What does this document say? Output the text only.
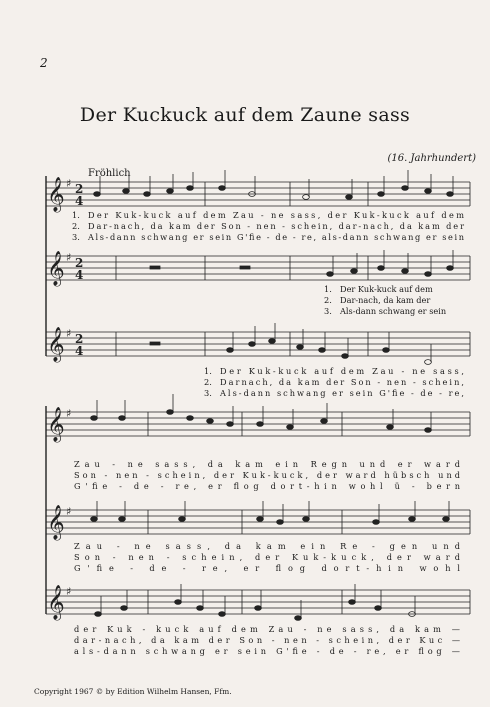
2
Der Kuckuck auf dem Zaune sass
(16. Jahrhundert)
Fröhlich
𝄞
𝄞
𝄞
𝄞
𝄞
𝄞
♯
♯
♯
♯
♯
♯
2
4
2
4
2
4
1. Der Kuk-kuck auf dem Zau - ne sass, der Kuk-kuck auf dem
2. Dar-nach, da kam der Son - nen - schein, dar-nach, da kam der
3. Als-dann schwang er sein G'fie - de - re, als-dann schwang er sein
1. Der Kuk-kuck auf dem
2. Dar-nach, da kam der
3. Als-dann schwang er sein
1. Der Kuk-kuck auf dem Zau - ne sass,
2. Darnach, da kam der Son - nen - schein,
3. Als-dann schwang er sein G'fie - de - re,
Zau - ne sass, da kam ein Regn und er ward
Son - nen - schein, der Kuk-kuck, der ward hübsch und
G'fie - de - re, er flog dort-hin wohl ü - bern
Zau - ne sass, da kam ein Re - gen und
Son - nen - schein, der Kuk-kuck, der ward
G'fie - de - re, er flog dort-hin wohl
der Kuk - kuck auf dem Zau - ne sass, da kam —
dar-nach, da kam der Son - nen - schein, der Kuc —
als-dann schwang er sein G'fie - de - re, er flog —
Copyright 1967 © by Edition Wilhelm Hansen, Ffm.
